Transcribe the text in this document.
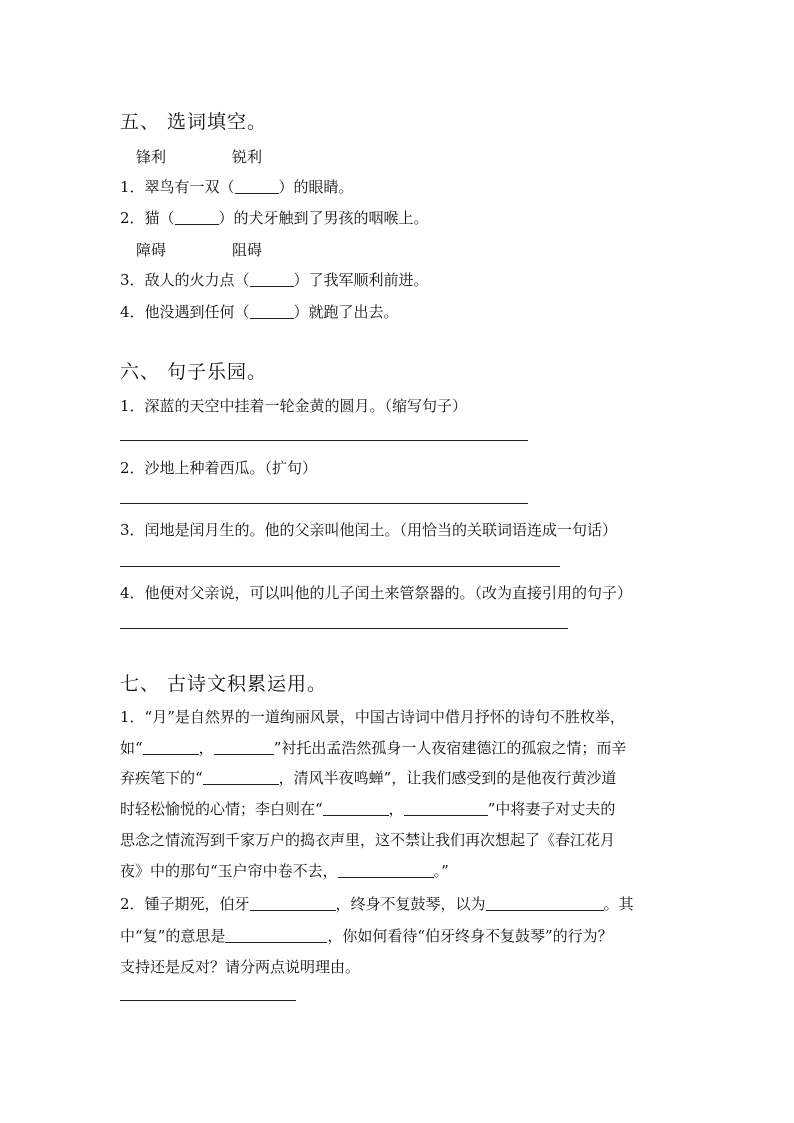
五、 选词填空。
锋利	锐利
1．翠鸟有一双（	）的眼睛。
2．猫（	）的犬牙触到了男孩的咽喉上。
障碍	阻碍
3．敌人的火力点（	）了我军顺利前进。
4．他没遇到任何（	）就跑了出去。
六、 句子乐园。
1．深蓝的天空中挂着一轮金黄的圆月。（缩写句子）
2．沙地上种着西瓜。（扩句）
3．闰地是闰月生的。他的父亲叫他闰土。（用恰当的关联词语连成一句话）
4．他便对父亲说，可以叫他的儿子闰土来管祭器的。（改为直接引用的句子）
七、 古诗文积累运用。
1．“月”是自然界的一道绚丽风景，中国古诗词中借月抒怀的诗句不胜枚举，
如“	，	”衬托出孟浩然孤身一人夜宿建德江的孤寂之情；而辛
弃疾笔下的“	，清风半夜鸣蝉”，让我们感受到的是他夜行黄沙道
时轻松愉悦的心情；李白则在“	，	”中将妻子对丈夫的
思念之情流泻到千家万户的捣衣声里，这不禁让我们再次想起了《春江花月
夜》中的那句“玉户帘中卷不去，	。”
2．锺子期死，伯牙	，终身不复鼓琴，以为	。其
中“复”的意思是	，你如何看待“伯牙终身不复鼓琴”的行为？
支持还是反对？请分两点说明理由。
